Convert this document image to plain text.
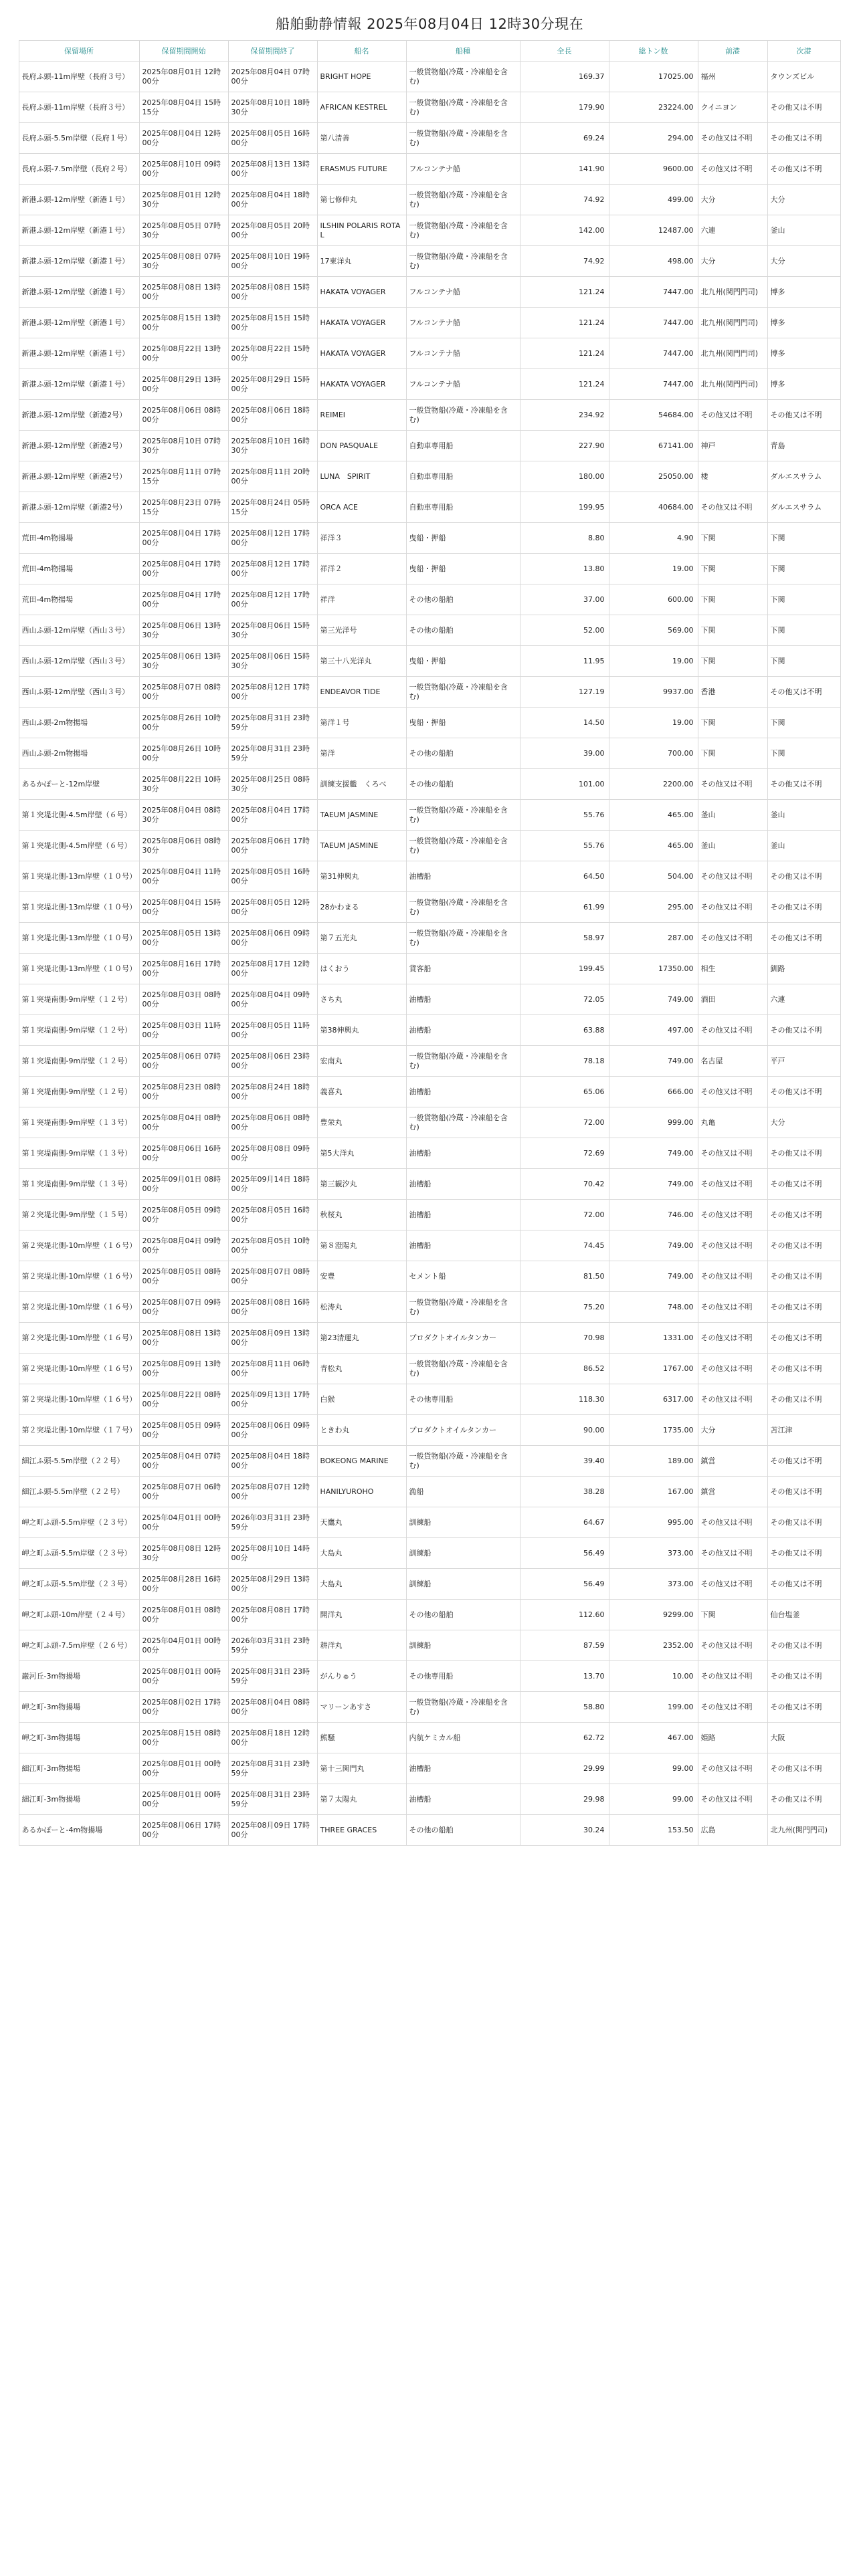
船舶動静情報 2025年08月04日 12時30分現在
保留場所	保留期間開始	保留期間終了	船名	船種	全長	総トン数	前港	次港
長府ふ頭-11m岸壁（長府３号）	2025年08月01日 12時00分	2025年08月04日 07時00分	BRIGHT HOPE	一般貨物船(冷蔵・冷凍船を含む)	169.37	17025.00	福州	タウンズビル
長府ふ頭-11m岸壁（長府３号）	2025年08月04日 15時15分	2025年08月10日 18時30分	AFRICAN KESTREL	一般貨物船(冷蔵・冷凍船を含む)	179.90	23224.00	クイニヨン	その他又は不明
長府ふ頭-5.5m岸壁（長府１号）	2025年08月04日 12時00分	2025年08月05日 16時00分	第八清善	一般貨物船(冷蔵・冷凍船を含む)	69.24	294.00	その他又は不明	その他又は不明
長府ふ頭-7.5m岸壁（長府２号）	2025年08月10日 09時00分	2025年08月13日 13時00分	ERASMUS FUTURE	フルコンテナ船	141.90	9600.00	その他又は不明	その他又は不明
新港ふ頭-12m岸壁（新港１号）	2025年08月01日 12時30分	2025年08月04日 18時00分	第七修伸丸	一般貨物船(冷蔵・冷凍船を含む)	74.92	499.00	大分	大分
新港ふ頭-12m岸壁（新港１号）	2025年08月05日 07時30分	2025年08月05日 20時00分	ILSHIN POLARIS ROTAL	一般貨物船(冷蔵・冷凍船を含む)	142.00	12487.00	六連	釜山
新港ふ頭-12m岸壁（新港１号）	2025年08月08日 07時30分	2025年08月10日 19時00分	17東洋丸	一般貨物船(冷蔵・冷凍船を含む)	74.92	498.00	大分	大分
新港ふ頭-12m岸壁（新港１号）	2025年08月08日 13時00分	2025年08月08日 15時00分	HAKATA VOYAGER	フルコンテナ船	121.24	7447.00	北九州(関門門司)	博多
新港ふ頭-12m岸壁（新港１号）	2025年08月15日 13時00分	2025年08月15日 15時00分	HAKATA VOYAGER	フルコンテナ船	121.24	7447.00	北九州(関門門司)	博多
新港ふ頭-12m岸壁（新港１号）	2025年08月22日 13時00分	2025年08月22日 15時00分	HAKATA VOYAGER	フルコンテナ船	121.24	7447.00	北九州(関門門司)	博多
新港ふ頭-12m岸壁（新港１号）	2025年08月29日 13時00分	2025年08月29日 15時00分	HAKATA VOYAGER	フルコンテナ船	121.24	7447.00	北九州(関門門司)	博多
新港ふ頭-12m岸壁（新港2号）	2025年08月06日 08時00分	2025年08月06日 18時00分	REIMEI	一般貨物船(冷蔵・冷凍船を含む)	234.92	54684.00	その他又は不明	その他又は不明
新港ふ頭-12m岸壁（新港2号）	2025年08月10日 07時30分	2025年08月10日 16時30分	DON PASQUALE	自動車専用船	227.90	67141.00	神戸	青島
新港ふ頭-12m岸壁（新港2号）	2025年08月11日 07時15分	2025年08月11日 20時00分	LUNA　SPIRIT	自動車専用船	180.00	25050.00	楼	ダルエスサラム
新港ふ頭-12m岸壁（新港2号）	2025年08月23日 07時15分	2025年08月24日 05時15分	ORCA ACE	自動車専用船	199.95	40684.00	その他又は不明	ダルエスサラム
荒田-4m物揚場	2025年08月04日 17時00分	2025年08月12日 17時00分	祥洋３	曳船・押船	8.80	4.90	下関	下関
荒田-4m物揚場	2025年08月04日 17時00分	2025年08月12日 17時00分	祥洋２	曳船・押船	13.80	19.00	下関	下関
荒田-4m物揚場	2025年08月04日 17時00分	2025年08月12日 17時00分	祥洋	その他の船舶	37.00	600.00	下関	下関
西山ふ頭-12m岸壁（西山３号）	2025年08月06日 13時30分	2025年08月06日 15時30分	第三光洋号	その他の船舶	52.00	569.00	下関	下関
西山ふ頭-12m岸壁（西山３号）	2025年08月06日 13時30分	2025年08月06日 15時30分	第三十八光洋丸	曳船・押船	11.95	19.00	下関	下関
西山ふ頭-12m岸壁（西山３号）	2025年08月07日 08時00分	2025年08月12日 17時00分	ENDEAVOR TIDE	一般貨物船(冷蔵・冷凍船を含む)	127.19	9937.00	香港	その他又は不明
西山ふ頭-2m物揚場	2025年08月26日 10時00分	2025年08月31日 23時59分	第洋１号	曳船・押船	14.50	19.00	下関	下関
西山ふ頭-2m物揚場	2025年08月26日 10時00分	2025年08月31日 23時59分	第洋	その他の船舶	39.00	700.00	下関	下関
あるかぽーと-12m岸壁	2025年08月22日 10時30分	2025年08月25日 08時30分	訓練支援艦　くろべ	その他の船舶	101.00	2200.00	その他又は不明	その他又は不明
第１突堤北側-4.5m岸壁（６号）	2025年08月04日 08時30分	2025年08月04日 17時00分	TAEUM JASMINE	一般貨物船(冷蔵・冷凍船を含む)	55.76	465.00	釜山	釜山
第１突堤北側-4.5m岸壁（６号）	2025年08月06日 08時30分	2025年08月06日 17時00分	TAEUM JASMINE	一般貨物船(冷蔵・冷凍船を含む)	55.76	465.00	釜山	釜山
第１突堤北側-13m岸壁（１０号）	2025年08月04日 11時00分	2025年08月05日 16時00分	第31伸興丸	油槽船	64.50	504.00	その他又は不明	その他又は不明
第１突堤北側-13m岸壁（１０号）	2025年08月04日 15時00分	2025年08月05日 12時00分	28かわまる	一般貨物船(冷蔵・冷凍船を含む)	61.99	295.00	その他又は不明	その他又は不明
第１突堤北側-13m岸壁（１０号）	2025年08月05日 13時00分	2025年08月06日 09時00分	第７五光丸	一般貨物船(冷蔵・冷凍船を含む)	58.97	287.00	その他又は不明	その他又は不明
第１突堤北側-13m岸壁（１０号）	2025年08月16日 17時00分	2025年08月17日 12時00分	はくおう	貨客船	199.45	17350.00	相生	釧路
第１突堤南側-9m岸壁（１２号）	2025年08月03日 08時00分	2025年08月04日 09時00分	さち丸	油槽船	72.05	749.00	酒田	六連
第１突堤南側-9m岸壁（１２号）	2025年08月03日 11時00分	2025年08月05日 11時00分	第38伸興丸	油槽船	63.88	497.00	その他又は不明	その他又は不明
第１突堤南側-9m岸壁（１２号）	2025年08月06日 07時00分	2025年08月06日 23時00分	宏南丸	一般貨物船(冷蔵・冷凍船を含む)	78.18	749.00	名古屋	平戸
第１突堤南側-9m岸壁（１２号）	2025年08月23日 08時00分	2025年08月24日 18時00分	義喜丸	油槽船	65.06	666.00	その他又は不明	その他又は不明
第１突堤南側-9m岸壁（１３号）	2025年08月04日 08時00分	2025年08月06日 08時00分	豊栄丸	一般貨物船(冷蔵・冷凍船を含む)	72.00	999.00	丸亀	大分
第１突堤南側-9m岸壁（１３号）	2025年08月06日 16時00分	2025年08月08日 09時00分	第5大洋丸	油槽船	72.69	749.00	その他又は不明	その他又は不明
第１突堤南側-9m岸壁（１３号）	2025年09月01日 08時00分	2025年09月14日 18時00分	第三観汐丸	油槽船	70.42	749.00	その他又は不明	その他又は不明
第２突堤北側-9m岸壁（１５号）	2025年08月05日 09時00分	2025年08月05日 16時00分	秋桜丸	油槽船	72.00	746.00	その他又は不明	その他又は不明
第２突堤北側-10m岸壁（１６号）	2025年08月04日 09時00分	2025年08月05日 10時00分	第８澄陽丸	油槽船	74.45	749.00	その他又は不明	その他又は不明
第２突堤北側-10m岸壁（１６号）	2025年08月05日 08時00分	2025年08月07日 08時00分	安豊	セメント船	81.50	749.00	その他又は不明	その他又は不明
第２突堤北側-10m岸壁（１６号）	2025年08月07日 09時00分	2025年08月08日 16時00分	松涛丸	一般貨物船(冷蔵・冷凍船を含む)	75.20	748.00	その他又は不明	その他又は不明
第２突堤北側-10m岸壁（１６号）	2025年08月08日 13時00分	2025年08月09日 13時00分	第23清運丸	プロダクトオイルタンカー	70.98	1331.00	その他又は不明	その他又は不明
第２突堤北側-10m岸壁（１６号）	2025年08月09日 13時00分	2025年08月11日 06時00分	青松丸	一般貨物船(冷蔵・冷凍船を含む)	86.52	1767.00	その他又は不明	その他又は不明
第２突堤北側-10m岸壁（１６号）	2025年08月22日 08時00分	2025年09月13日 17時00分	白猴	その他専用船	118.30	6317.00	その他又は不明	その他又は不明
第２突堤北側-10m岸壁（１７号）	2025年08月05日 09時00分	2025年08月06日 09時00分	ときわ丸	プロダクトオイルタンカー	90.00	1735.00	大分	苫江津
細江ふ頭-5.5m岸壁（２２号）	2025年08月04日 07時00分	2025年08月04日 18時00分	BOKEONG MARINE	一般貨物船(冷蔵・冷凍船を含む)	39.40	189.00	鎮営	その他又は不明
細江ふ頭-5.5m岸壁（２２号）	2025年08月07日 06時00分	2025年08月07日 12時00分	HANILYUROHO	漁船	38.28	167.00	鎮営	その他又は不明
岬之町ふ頭-5.5m岸壁（２３号）	2025年04月01日 00時00分	2026年03月31日 23時59分	天鷹丸	訓練船	64.67	995.00	その他又は不明	その他又は不明
岬之町ふ頭-5.5m岸壁（２３号）	2025年08月08日 12時30分	2025年08月10日 14時00分	大島丸	訓練船	56.49	373.00	その他又は不明	その他又は不明
岬之町ふ頭-5.5m岸壁（２３号）	2025年08月28日 16時00分	2025年08月29日 13時00分	大島丸	訓練船	56.49	373.00	その他又は不明	その他又は不明
岬之町ふ頭-10m岸壁（２４号）	2025年08月01日 08時00分	2025年08月08日 17時00分	開洋丸	その他の船舶	112.60	9299.00	下関	仙台塩釜
岬之町ふ頭-7.5m岸壁（２６号）	2025年04月01日 00時00分	2026年03月31日 23時59分	耕洋丸	訓練船	87.59	2352.00	その他又は不明	その他又は不明
巌河丘-3m物揚場	2025年08月01日 00時00分	2025年08月31日 23時59分	がんりゅう	その他専用船	13.70	10.00	その他又は不明	その他又は不明
岬之町-3m物揚場	2025年08月02日 17時00分	2025年08月04日 08時00分	マリーンあすさ	一般貨物船(冷蔵・冷凍船を含む)	58.80	199.00	その他又は不明	その他又は不明
岬之町-3m物揚場	2025年08月15日 08時00分	2025年08月18日 12時00分	熊騒	内航ケミカル船	62.72	467.00	姫路	大阪
細江町-3m物揚場	2025年08月01日 00時00分	2025年08月31日 23時59分	第十三関門丸	油槽船	29.99	99.00	その他又は不明	その他又は不明
細江町-3m物揚場	2025年08月01日 00時00分	2025年08月31日 23時59分	第７太陽丸	油槽船	29.98	99.00	その他又は不明	その他又は不明
あるかぽーと-4m物揚場	2025年08月06日 17時00分	2025年08月09日 17時00分	THREE GRACES	その他の船舶	30.24	153.50	広島	北九州(関門門司)
